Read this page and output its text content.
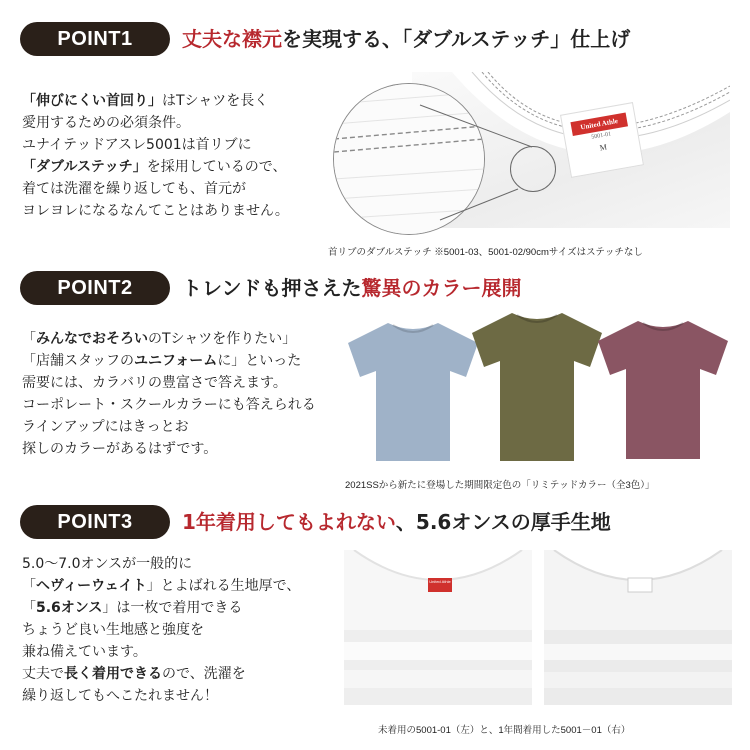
POINT1	丈夫な襟元を実現する、「ダブルステッチ」仕上げ
「伸びにくい首回り」はTシャツを長く
愛用するための必須条件。
ユナイテッドアスレ5001は首リブに
「ダブルステッチ」を採用しているので、
着ては洗濯を繰り返しても、首元が
ヨレヨレになるなんてことはありません。
United Athle
5001-01
M
首リブのダブルステッチ ※5001-03、5001-02/90cmサイズはステッチなし
POINT2	トレンドも押さえた驚異のカラー展開
「みんなでおそろいのTシャツを作りたい」
「店舗スタッフのユニフォームに」といった
需要には、カラバリの豊富さで答えます。
コーポレート・スクールカラーにも答えられる
ラインアップにはきっとお
探しのカラーがあるはずです。
2021SSから新たに登場した期間限定色の「リミテッドカラー（全3色）」
POINT3	1年着用してもよれない、5.6オンスの厚手生地
5.0～7.0オンスが一般的に
「ヘヴィーウェイト」とよばれる生地厚で、
「5.6オンス」は一枚で着用できる
ちょうど良い生地感と強度を
兼ね備えています。
丈夫で長く着用できるので、洗濯を
繰り返してもへこたれません！
United Athle
未着用の5001-01（左）と、1年間着用した5001－01（右）
